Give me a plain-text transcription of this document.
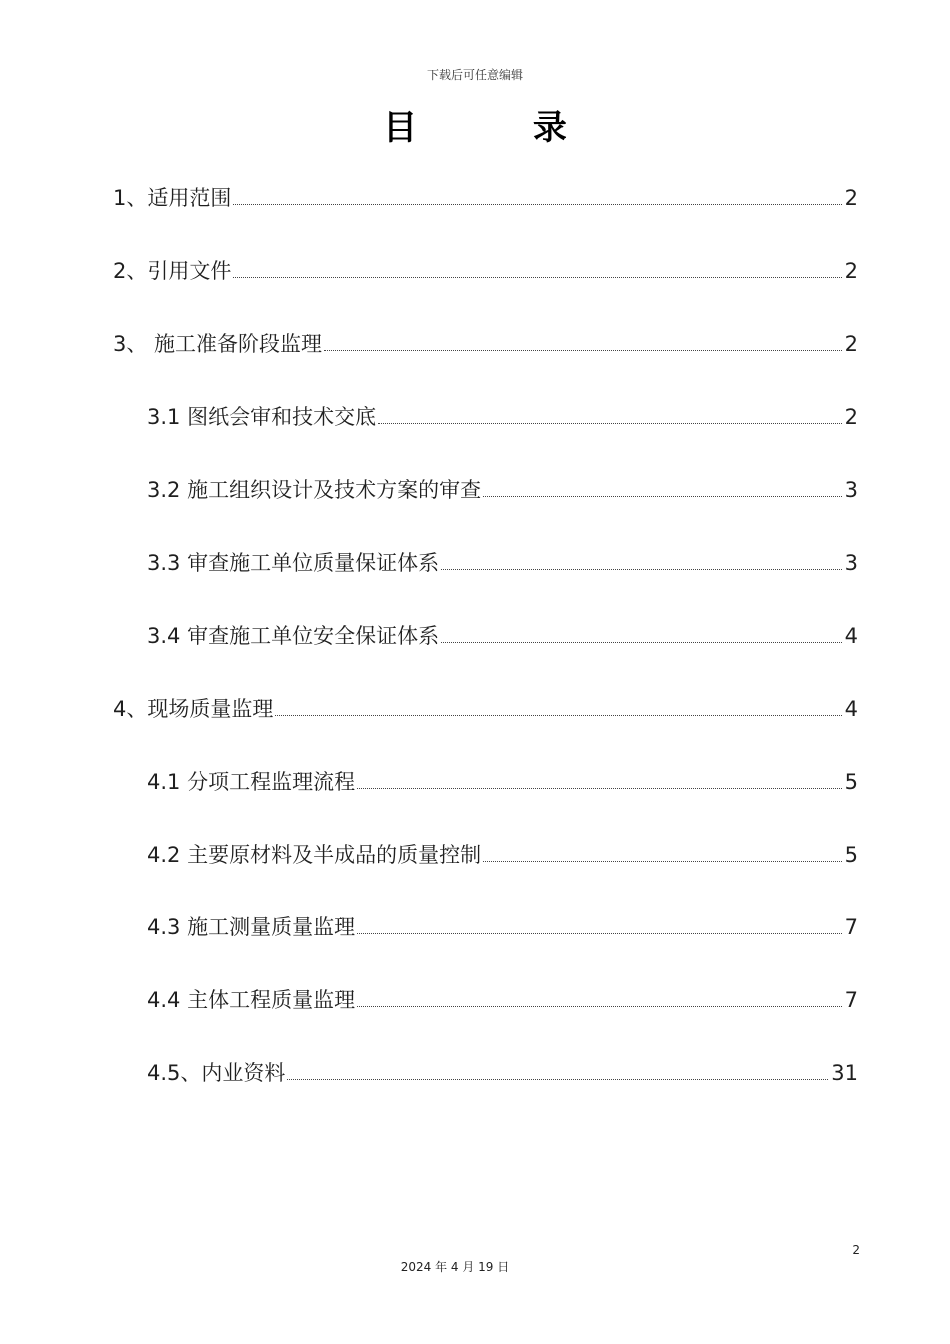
下载后可任意编辑
目 录
1、适用范围	2
2、引用文件	2
3、 施工准备阶段监理	2
3.1 图纸会审和技术交底	2
3.2 施工组织设计及技术方案的审查	3
3.3 审查施工单位质量保证体系	3
3.4 审查施工单位安全保证体系	4
4、现场质量监理	4
4.1 分项工程监理流程	5
4.2 主要原材料及半成品的质量控制	5
4.3 施工测量质量监理	7
4.4 主体工程质量监理	7
4.5、内业资料	31
2
2024 年 4 月 19 日
